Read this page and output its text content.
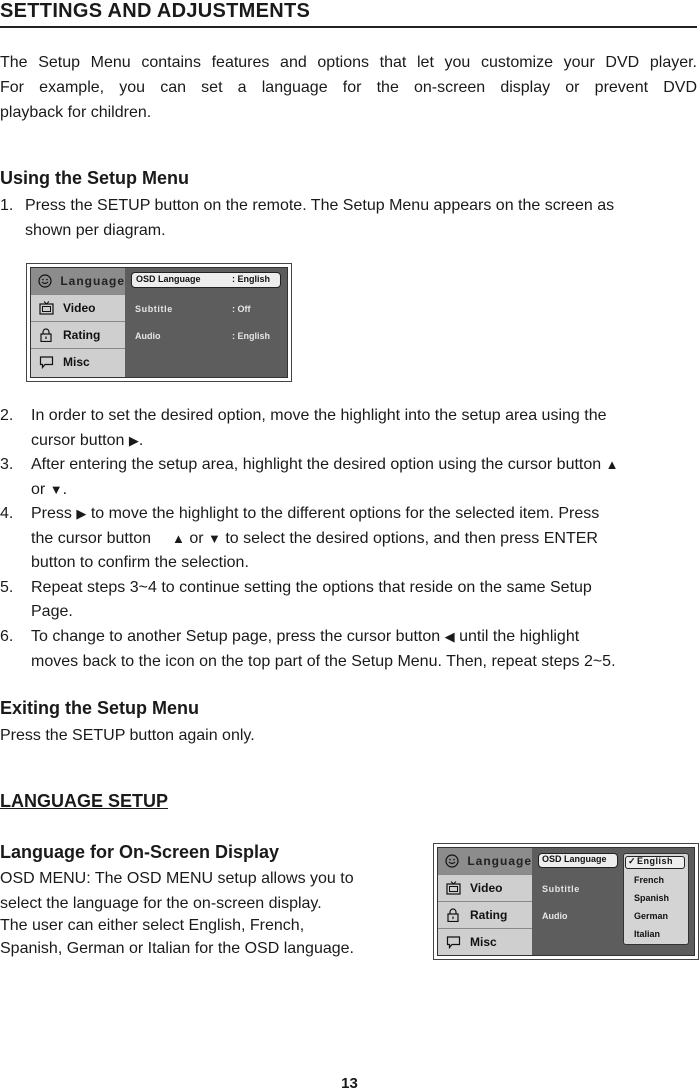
SETTINGS AND ADJUSTMENTS
The Setup Menu contains features and options that let you customize your DVD player.
For example, you can set a language for the on-screen display or prevent DVD
playback for children.
Using the Setup Menu
1. Press the SETUP button on the remote. The Setup Menu appears on the screen as
shown per diagram.
Language
Video
Rating
Misc
OSD Language	: English
Subtitle	: Off
Audio	: English
2. In order to set the desired option, move the highlight into the setup area using the
cursor button ▶.
3. After entering the setup area, highlight the desired option using the cursor button ▲
or ▼.
4. Press ▶ to move the highlight to the different options for the selected item. Press
the cursor button ▲ or ▼ to select the desired options, and then press ENTER
button to confirm the selection.
5. Repeat steps 3~4 to continue setting the options that reside on the same Setup
Page.
6. To change to another Setup page, press the cursor button ◀ until the highlight
moves back to the icon on the top part of the Setup Menu. Then, repeat steps 2~5.
Exiting the Setup Menu
Press the SETUP button again only.
LANGUAGE SETUP
Language for On-Screen Display
OSD MENU: The OSD MENU setup allows you to
select the language for the on-screen display.
The user can either select English, French,
Spanish, German or Italian for the OSD language.
Language
Video
Rating
Misc
OSD Language
Subtitle
Audio
✓ English
French
Spanish
German
Italian
13
